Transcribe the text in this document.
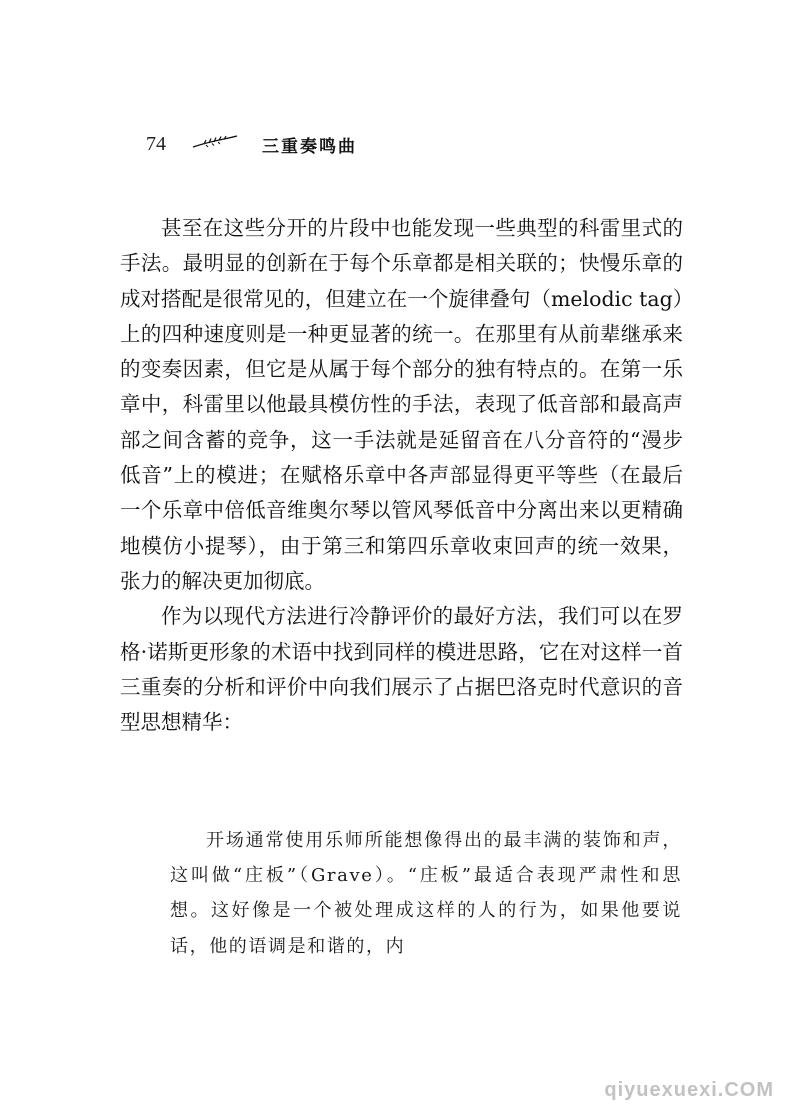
74	三重奏鸣曲

甚至在这些分开的片段中也能发现一些典型的科雷里式的手法。最明显的创新在于每个乐章都是相关联的；快慢乐章的成对搭配是很常见的，但建立在一个旋律叠句（melodic tag）上的四种速度则是一种更显著的统一。在那里有从前辈继承来的变奏因素，但它是从属于每个部分的独有特点的。在第一乐章中，科雷里以他最具模仿性的手法，表现了低音部和最高声部之间含蓄的竞争，这一手法就是延留音在八分音符的“漫步低音”上的模进；在赋格乐章中各声部显得更平等些（在最后一个乐章中倍低音维奥尔琴以管风琴低音中分离出来以更精确地模仿小提琴），由于第三和第四乐章收束回声的统一效果，张力的解决更加彻底。

作为以现代方法进行冷静评价的最好方法，我们可以在罗格·诺斯更形象的术语中找到同样的模进思路，它在对这样一首三重奏的分析和评价中向我们展示了占据巴洛克时代意识的音型思想精华：

开场通常使用乐师所能想像得出的最丰满的装饰和声，这叫做“庄板”（Grave）。“庄板”最适合表现严肃性和思想。这好像是一个被处理成这样的人的行为，如果他要说话，他的语调是和谐的，内

qiyuexuexi.COM
